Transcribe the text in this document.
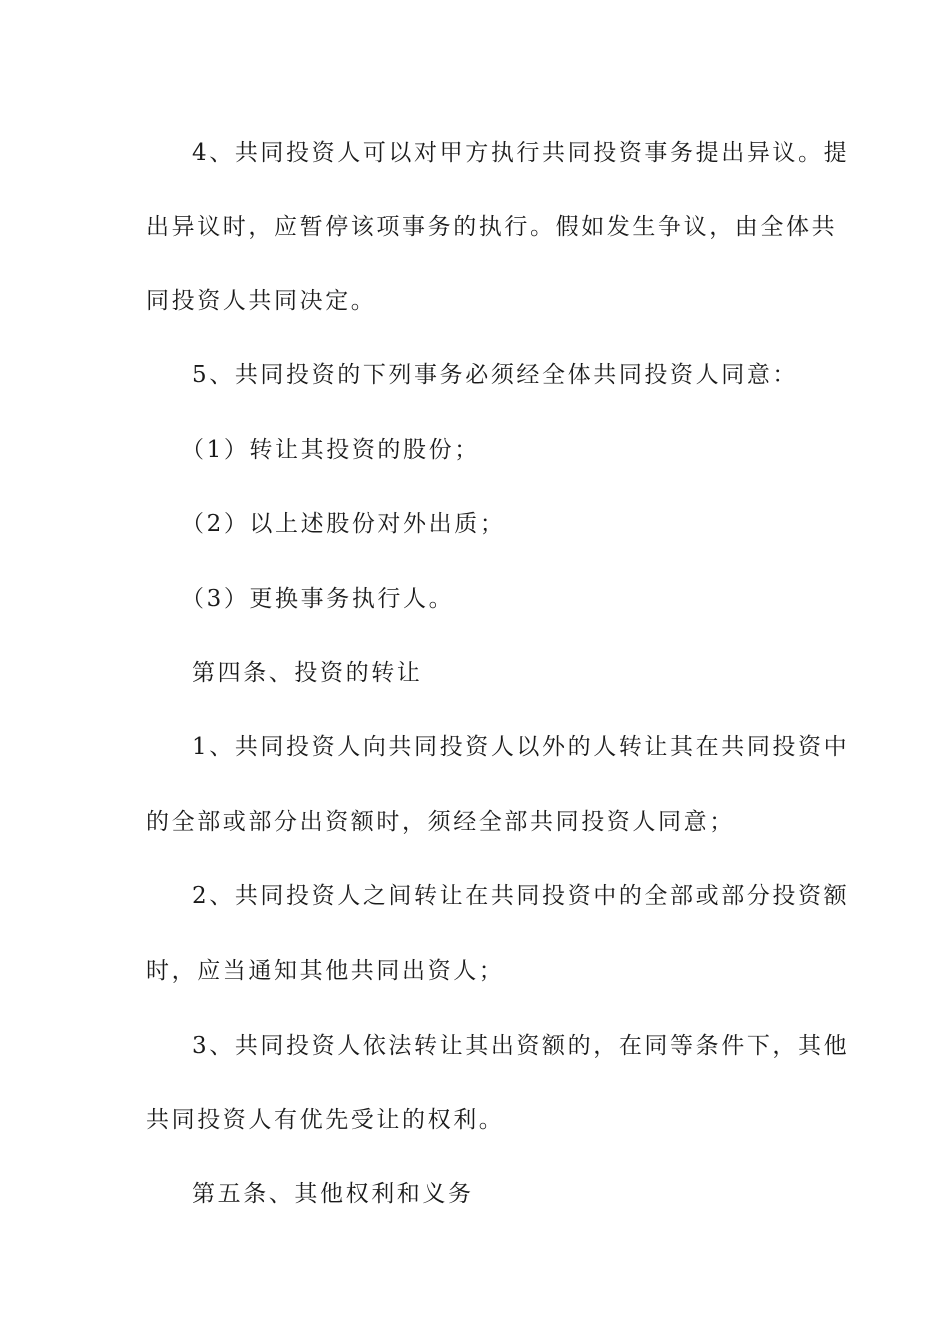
4、共同投资人可以对甲方执行共同投资事务提出异议。提
出异议时，应暂停该项事务的执行。假如发生争议，由全体共
同投资人共同决定。
5、共同投资的下列事务必须经全体共同投资人同意：
（1）转让其投资的股份；
（2）以上述股份对外出质；
（3）更换事务执行人。
第四条、投资的转让
1、共同投资人向共同投资人以外的人转让其在共同投资中
的全部或部分出资额时，须经全部共同投资人同意；
2、共同投资人之间转让在共同投资中的全部或部分投资额
时，应当通知其他共同出资人；
3、共同投资人依法转让其出资额的，在同等条件下，其他
共同投资人有优先受让的权利。
第五条、其他权利和义务
